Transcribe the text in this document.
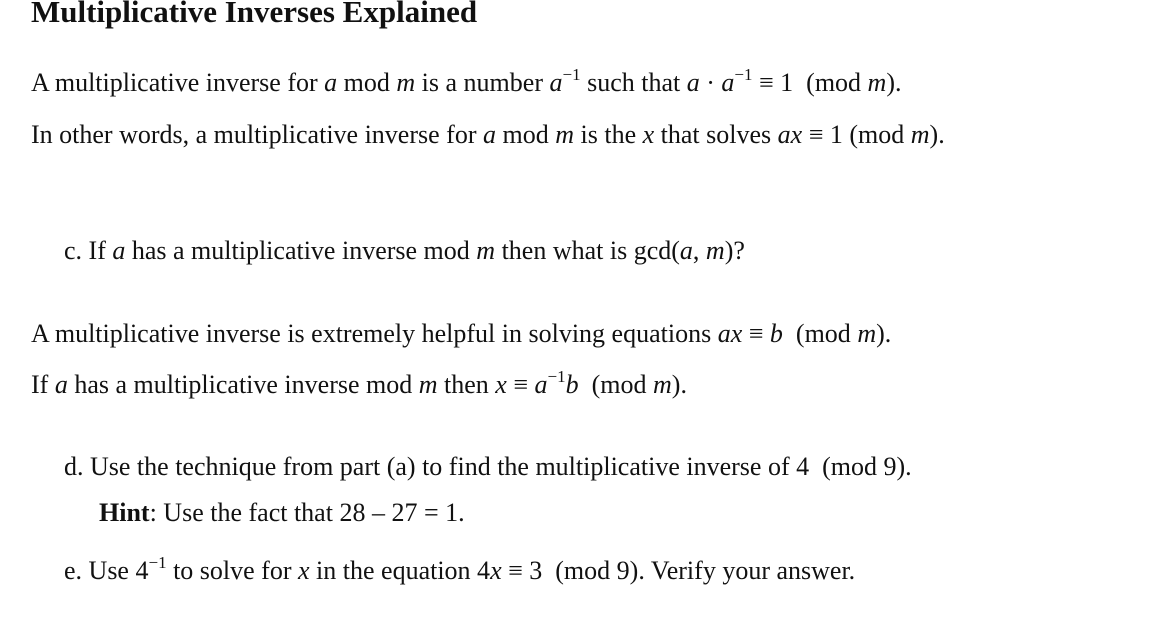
Multiplicative Inverses Explained
A multiplicative inverse for a mod m is a number $a^{-1}$ such that $a \cdot a^{-1} \equiv 1$  (mod m).
In other words, a multiplicative inverse for a mod m is the x that solves ax ≡ 1 (mod m).
c. If a has a multiplicative inverse mod m then what is gcd(a, m)?
A multiplicative inverse is extremely helpful in solving equations ax ≡ b  (mod m).
If a has a multiplicative inverse mod m then $x \equiv a^{-1}b$  (mod m).
d. Use the technique from part (a) to find the multiplicative inverse of 4  (mod 9).
Hint: Use the fact that 28 – 27 = 1.
e. Use $4^{-1}$ to solve for x in the equation 4x ≡ 3  (mod 9). Verify your answer.
